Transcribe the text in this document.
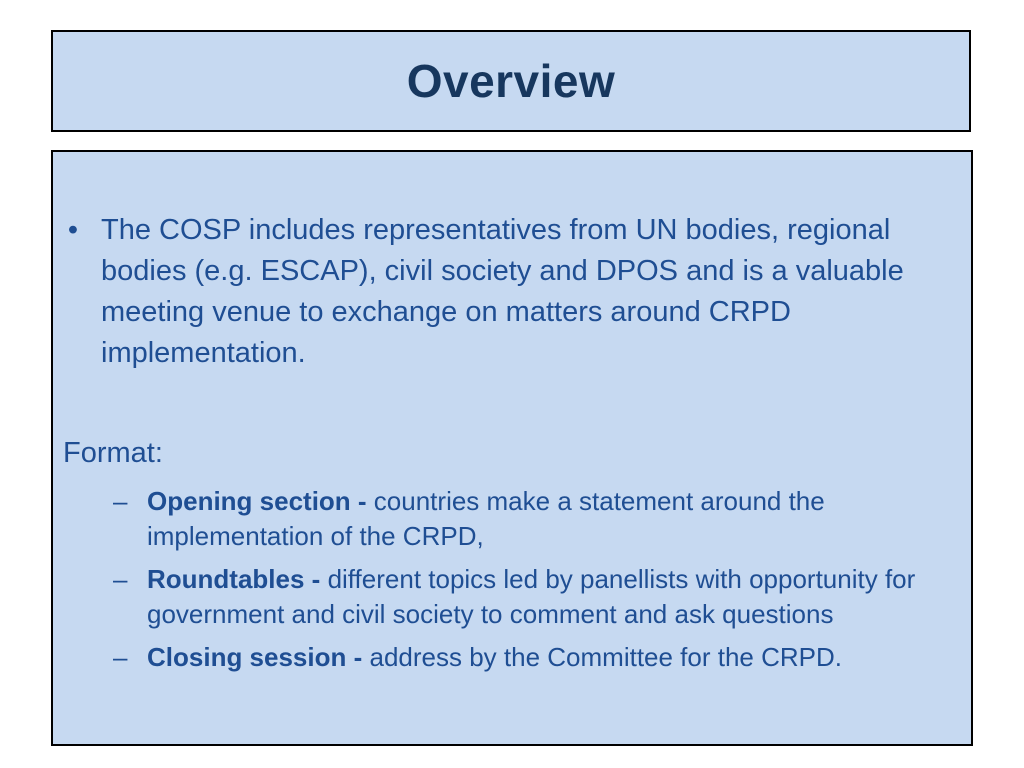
Overview
• The COSP includes representatives from UN bodies, regional bodies (e.g. ESCAP), civil society and DPOS and is a valuable meeting venue to exchange on matters around CRPD implementation.

Format:

– Opening section - countries make a statement around the implementation of the CRPD,
– Roundtables - different topics led by panellists with opportunity for government and civil society to comment and ask questions
– Closing session - address by the Committee for the CRPD.
